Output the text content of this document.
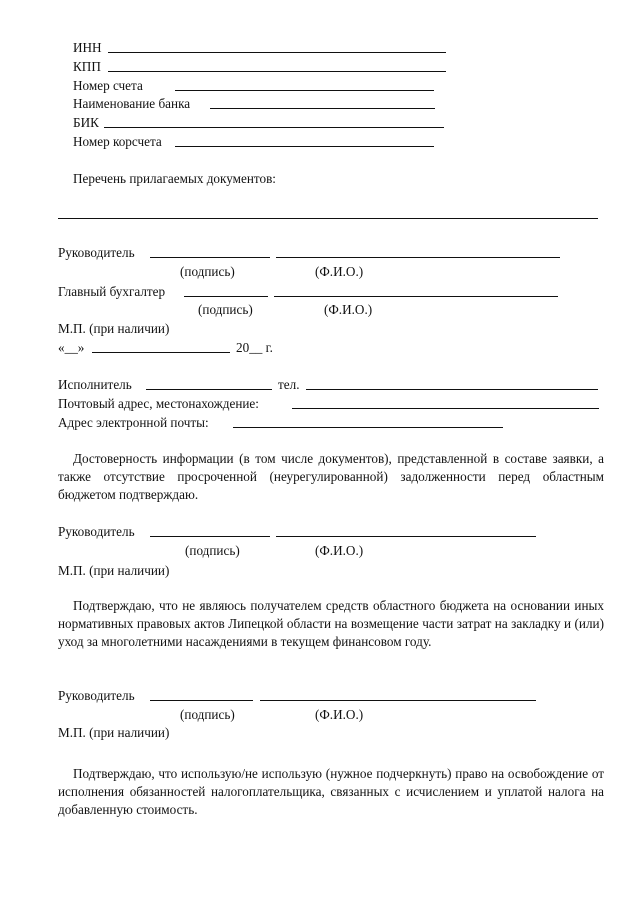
ИНН
КПП
Номер счета
Наименование банка
БИК
Номер корсчета
Перечень прилагаемых документов:
Руководитель
(подпись)	(Ф.И.О.)
Главный бухгалтер
(подпись)	(Ф.И.О.)
М.П. (при наличии)
«__»	20__ г.
Исполнитель	тел.
Почтовый адрес, местонахождение:
Адрес электронной почты:
Достоверность информации (в том числе документов), представленной в составе заявки, а также отсутствие просроченной (неурегулированной) задолженности перед областным бюджетом подтверждаю.
Руководитель
(подпись)	(Ф.И.О.)
М.П. (при наличии)
Подтверждаю, что не являюсь получателем средств областного бюджета на основании иных нормативных правовых актов Липецкой области на возмещение части затрат на закладку и (или) уход за многолетними насаждениями в текущем финансовом году.
Руководитель
(подпись)	(Ф.И.О.)
М.П. (при наличии)
Подтверждаю, что использую/не использую (нужное подчеркнуть) право на освобождение от исполнения обязанностей налогоплательщика, связанных с исчислением и уплатой налога на добавленную стоимость.
